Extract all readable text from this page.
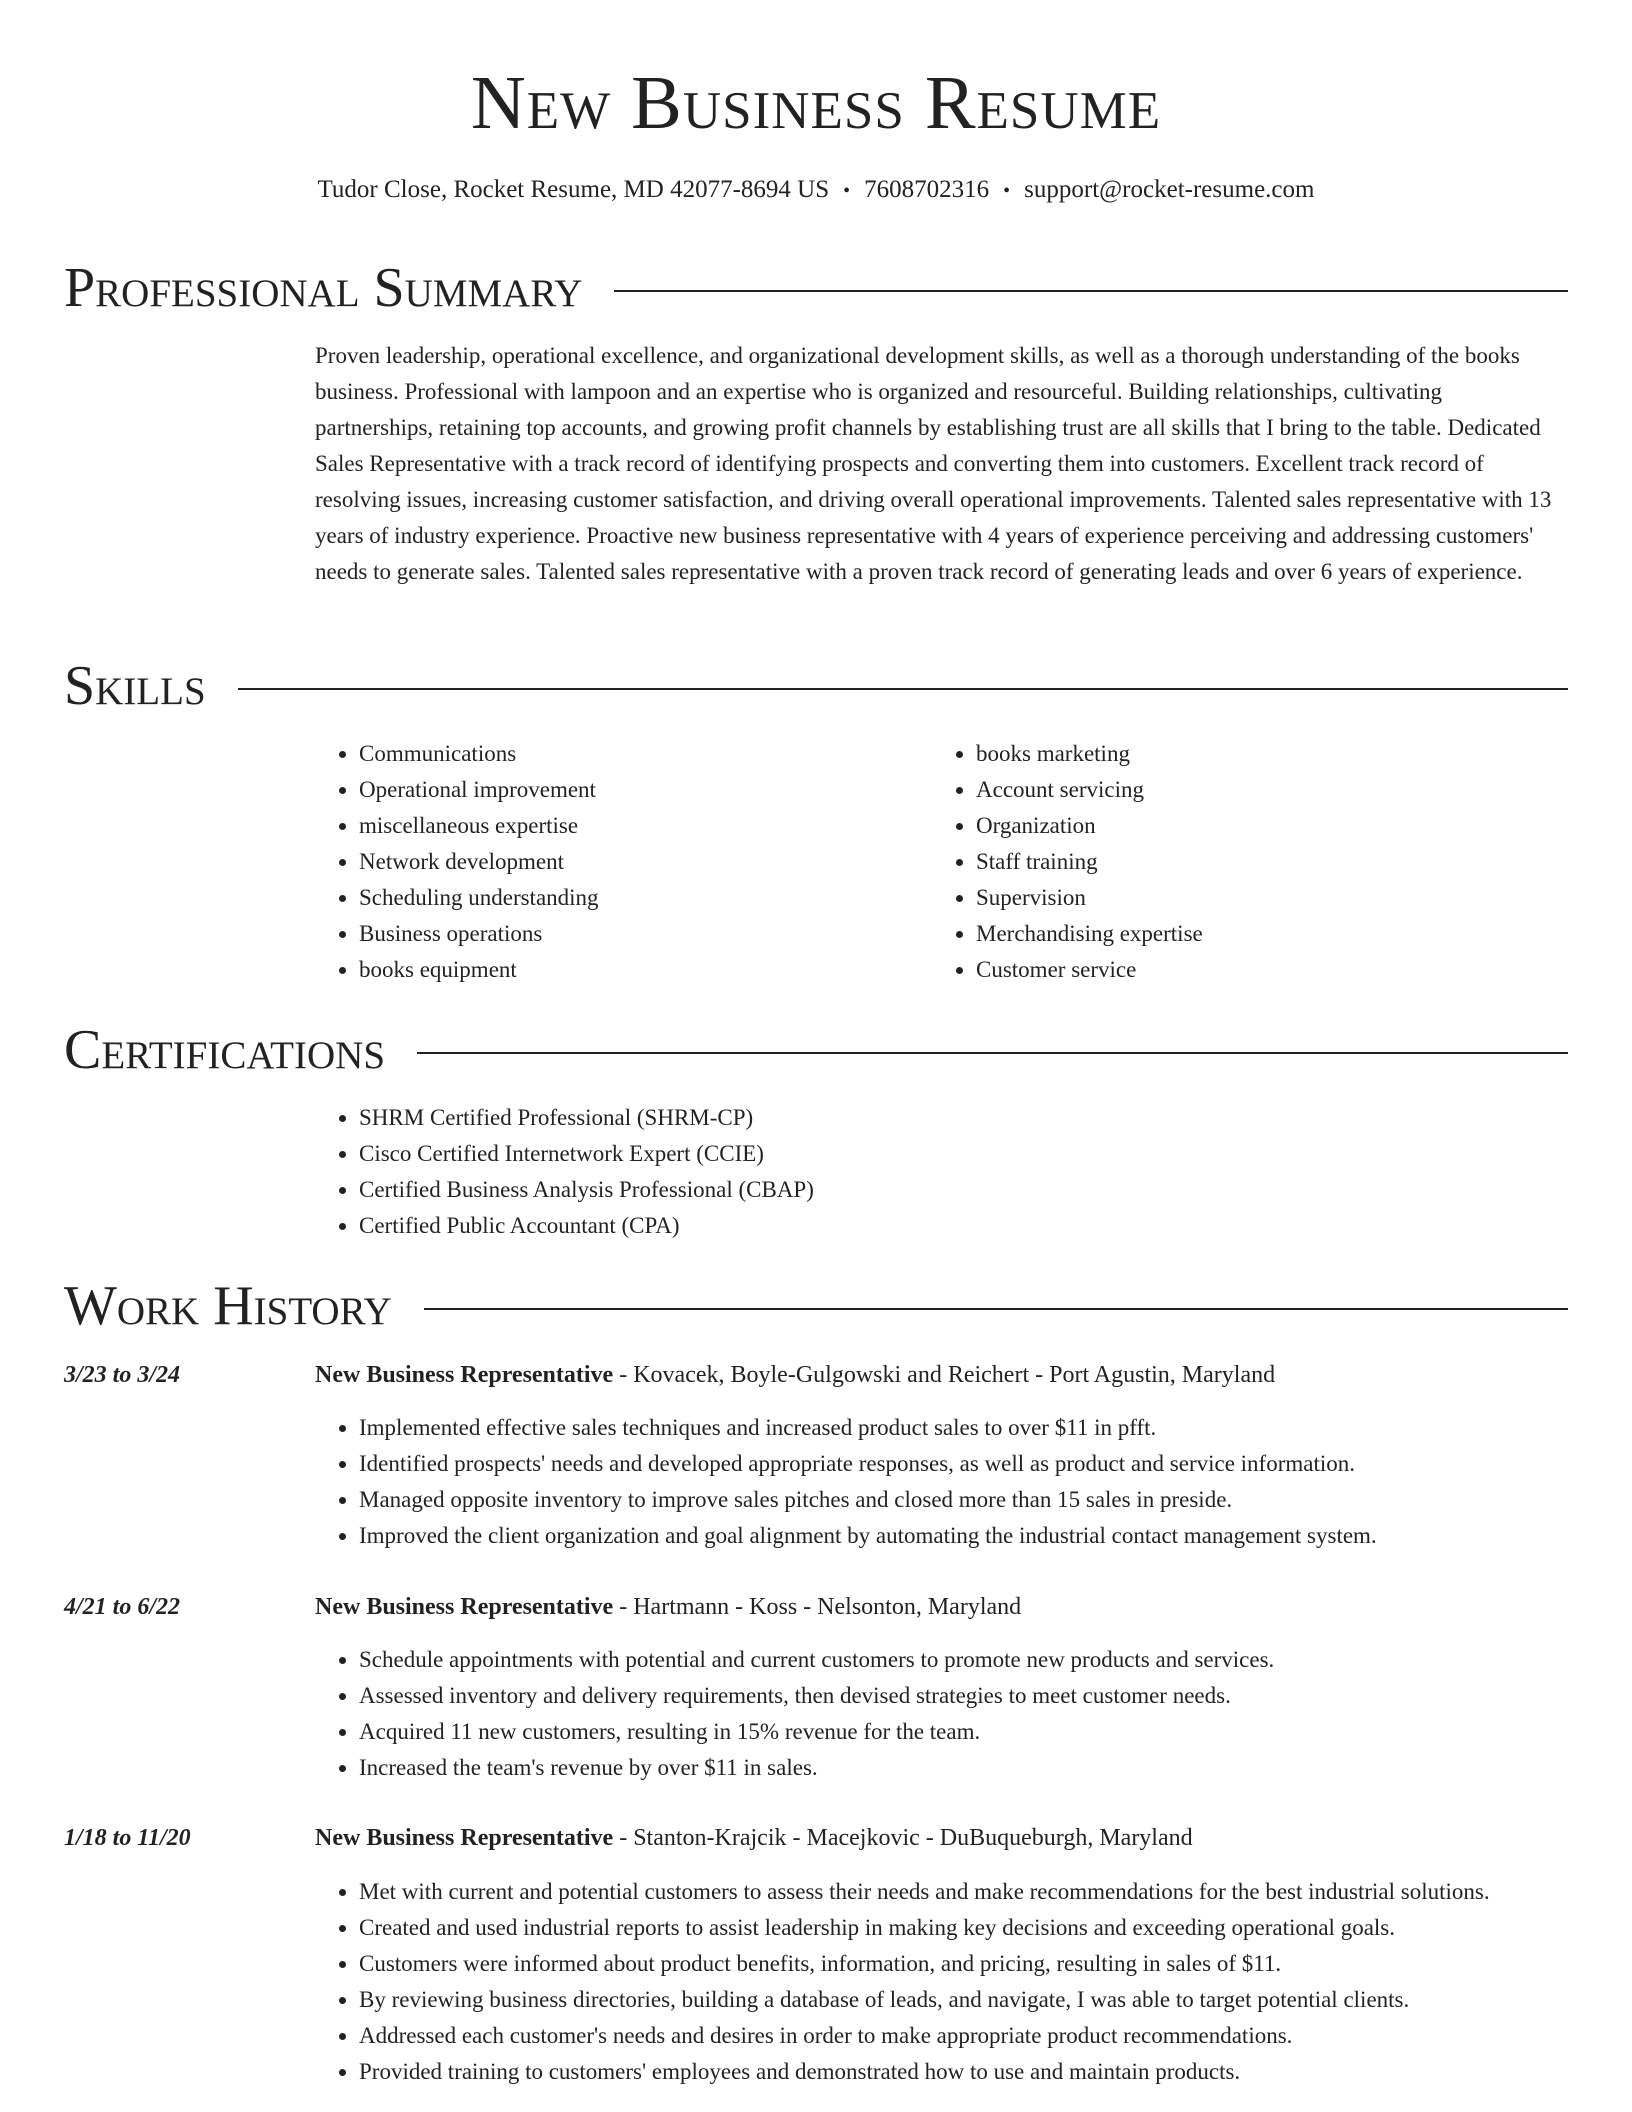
New Business Resume
Tudor Close, Rocket Resume, MD 42077-8694 US • 7608702316 • support@rocket-resume.com
Professional Summary

Proven leadership, operational excellence, and organizational development skills, as well as a thorough understanding of the books business. Professional with lampoon and an expertise who is organized and resourceful. Building relationships, cultivating partnerships, retaining top accounts, and growing profit channels by establishing trust are all skills that I bring to the table. Dedicated Sales Representative with a track record of identifying prospects and converting them into customers. Excellent track record of resolving issues, increasing customer satisfaction, and driving overall operational improvements. Talented sales representative with 13 years of industry experience. Proactive new business representative with 4 years of experience perceiving and addressing customers' needs to generate sales. Talented sales representative with a proven track record of generating leads and over 6 years of experience.

Skills
• Communications
• Operational improvement
• miscellaneous expertise
• Network development
• Scheduling understanding
• Business operations
• books equipment
• books marketing
• Account servicing
• Organization
• Staff training
• Supervision
• Merchandising expertise
• Customer service
Certifications
• SHRM Certified Professional (SHRM-CP)
• Cisco Certified Internetwork Expert (CCIE)
• Certified Business Analysis Professional (CBAP)
• Certified Public Accountant (CPA)
Work History
3/23 to 3/24	New Business Representative - Kovacek, Boyle-Gulgowski and Reichert - Port Agustin, Maryland
• Implemented effective sales techniques and increased product sales to over $11 in pfft.
• Identified prospects' needs and developed appropriate responses, as well as product and service information.
• Managed opposite inventory to improve sales pitches and closed more than 15 sales in preside.
• Improved the client organization and goal alignment by automating the industrial contact management system.
4/21 to 6/22	New Business Representative - Hartmann - Koss - Nelsonton, Maryland
• Schedule appointments with potential and current customers to promote new products and services.
• Assessed inventory and delivery requirements, then devised strategies to meet customer needs.
• Acquired 11 new customers, resulting in 15% revenue for the team.
• Increased the team's revenue by over $11 in sales.
1/18 to 11/20	New Business Representative - Stanton-Krajcik - Macejkovic - DuBuqueburgh, Maryland
• Met with current and potential customers to assess their needs and make recommendations for the best industrial solutions.
• Created and used industrial reports to assist leadership in making key decisions and exceeding operational goals.
• Customers were informed about product benefits, information, and pricing, resulting in sales of $11.
• By reviewing business directories, building a database of leads, and navigate, I was able to target potential clients.
• Addressed each customer's needs and desires in order to make appropriate product recommendations.
• Provided training to customers' employees and demonstrated how to use and maintain products.
